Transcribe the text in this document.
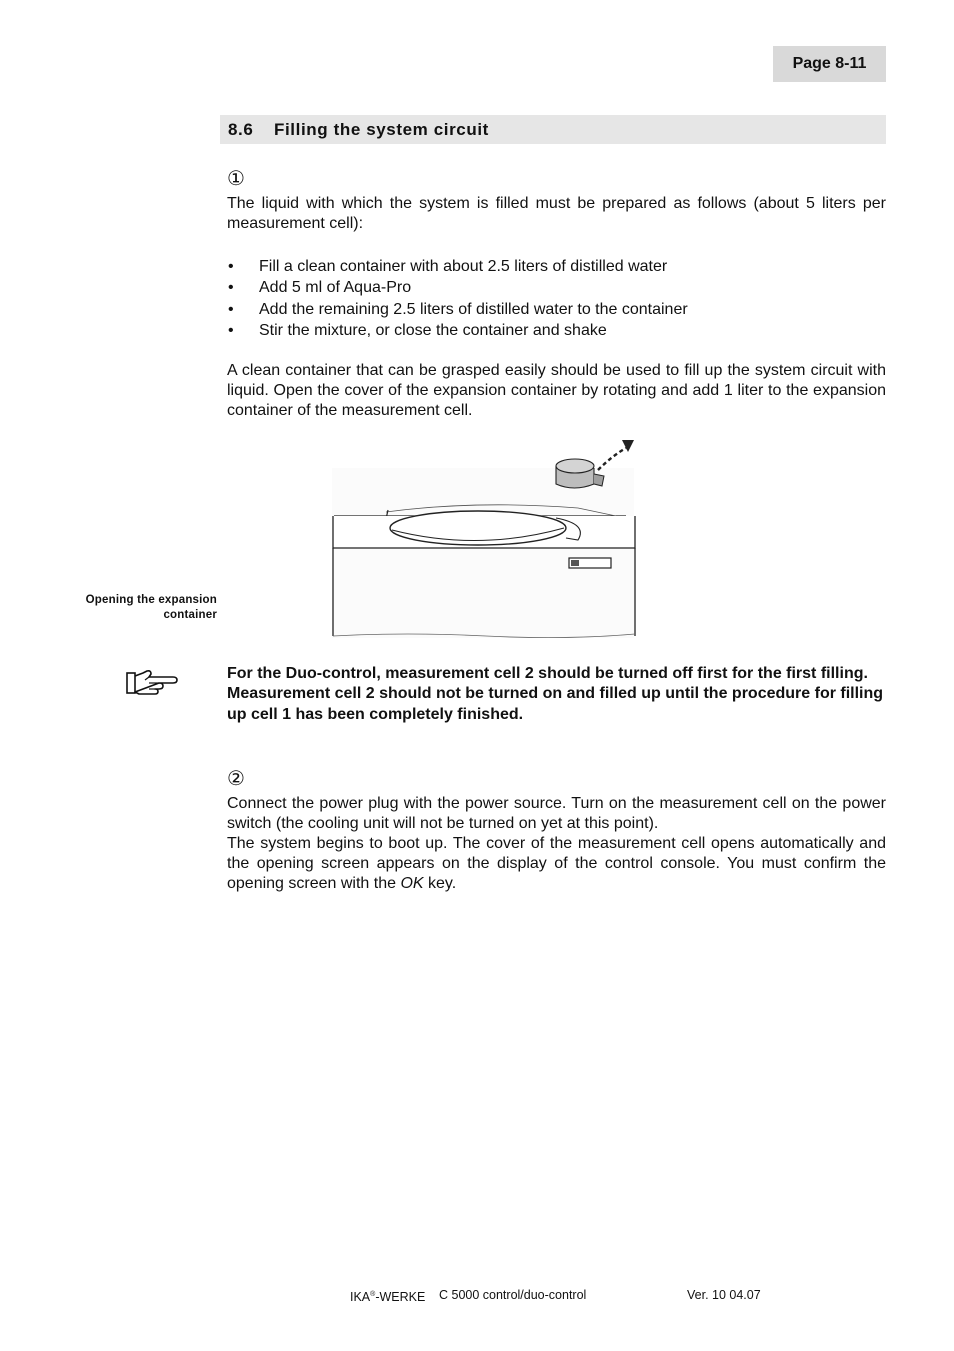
Page 8-11
8.6 Filling the system circuit
①

The liquid with which the system is filled must be prepared as follows (about 5 liters per measurement cell):

• Fill a clean container with about 2.5 liters of distilled water
• Add 5 ml of Aqua-Pro
• Add the remaining 2.5 liters of distilled water to the container
• Stir the mixture, or close the container and shake

A clean container that can be grasped easily should be used to fill up the system circuit with liquid. Open the cover of the expansion container by rotating and add 1 liter to the expansion container of the measurement cell.

Opening the expansion
container

For the Duo-control, measurement cell 2 should be turned off first for the first filling. Measurement cell 2 should not be turned on and filled up until the procedure for filling up cell 1 has been completely finished.

②

Connect the power plug with the power source. Turn on the measurement cell on the power switch (the cooling unit will not be turned on yet at this point).

The system begins to boot up. The cover of the measurement cell opens automatically and the opening screen appears on the display of the control console. You must confirm the opening screen with the OK key.

IKA®-WERKE C 5000 control/duo-control	Ver. 10 04.07
